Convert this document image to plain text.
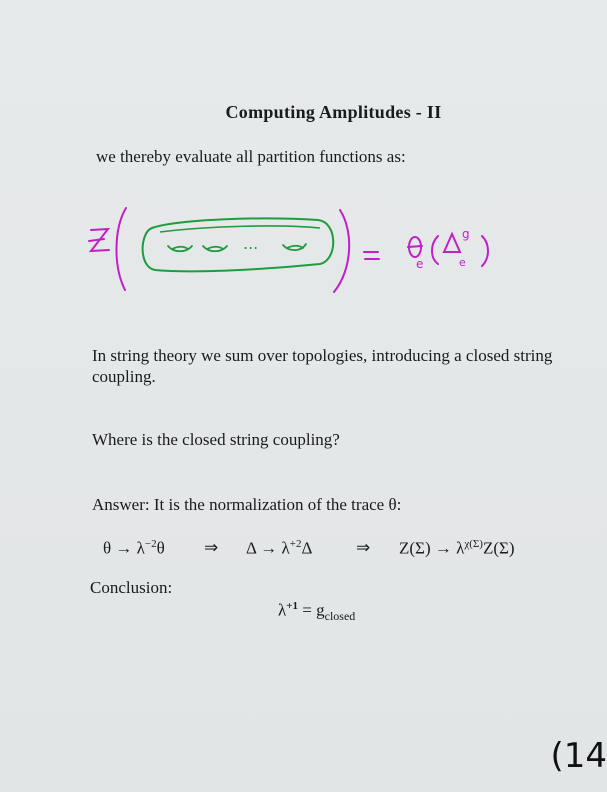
Computing Amplitudes - II
we thereby evaluate all partition functions as:
...
e
g
e
In string theory we sum over topologies, introducing a closed string coupling.
Where is the closed string coupling?
Answer: It is the normalization of the trace θ:
$\theta \to \lambda^{-2}\theta$ ⇒ $\Delta \to \lambda^{+2}\Delta$	⇒ $Z(\Sigma) \to \lambda^{\chi(\Sigma)}Z(\Sigma)$
Conclusion:
$\lambda^{+1} = g_{closed}$
(14
